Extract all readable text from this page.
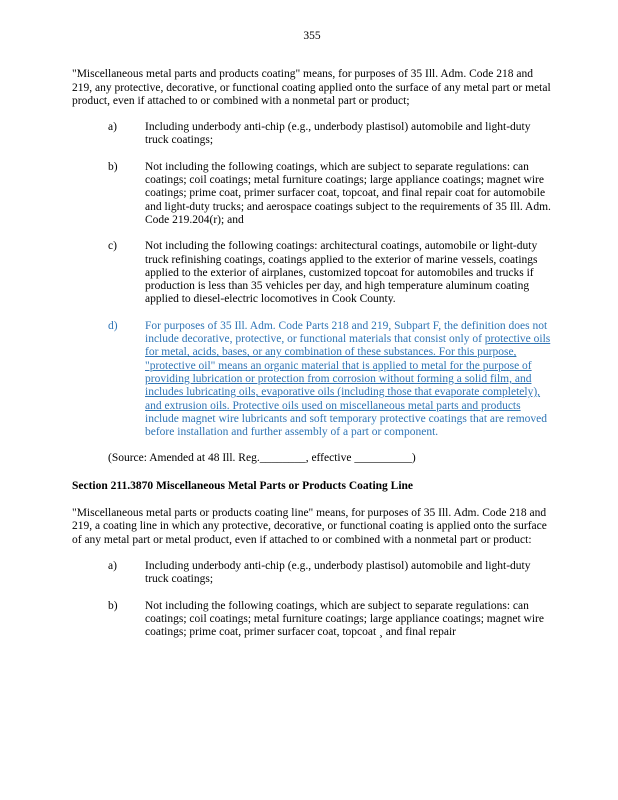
355

"Miscellaneous metal parts and products coating" means, for purposes of 35 Ill. Adm. Code 218 and 219, any protective, decorative, or functional coating applied onto the surface of any metal part or metal product, even if attached to or combined with a nonmetal part or product;

a)	Including underbody anti-chip (e.g., underbody plastisol) automobile and light-duty truck coatings;
b)	Not including the following coatings, which are subject to separate regulations: can coatings; coil coatings; metal furniture coatings; large appliance coatings; magnet wire coatings; prime coat, primer surfacer coat, topcoat, and final repair coat for automobile and light-duty trucks; and aerospace coatings subject to the requirements of 35 Ill. Adm. Code 219.204(r); and
c)	Not including the following coatings: architectural coatings, automobile or light-duty truck refinishing coatings, coatings applied to the exterior of marine vessels, coatings applied to the exterior of airplanes, customized topcoat for automobiles and trucks if production is less than 35 vehicles per day, and high temperature aluminum coating applied to diesel-electric locomotives in Cook County.
d)	For purposes of 35 Ill. Adm. Code Parts 218 and 219, Subpart F, the definition does not include decorative, protective, or functional materials that consist only of protective oils for metal, acids, bases, or any combination of these substances. For this purpose, "protective oil" means an organic material that is applied to metal for the purpose of providing lubrication or protection from corrosion without forming a solid film, and includes lubricating oils, evaporative oils (including those that evaporate completely), and extrusion oils. Protective oils used on miscellaneous metal parts and products include magnet wire lubricants and soft temporary protective coatings that are removed before installation and further assembly of a part or component.

(Source: Amended at 48 Ill. Reg.________, effective __________)

Section 211.3870 Miscellaneous Metal Parts or Products Coating Line

"Miscellaneous metal parts or products coating line" means, for purposes of 35 Ill. Adm. Code 218 and 219, a coating line in which any protective, decorative, or functional coating is applied onto the surface of any metal part or metal product, even if attached to or combined with a nonmetal part or product:

a)	Including underbody anti-chip (e.g., underbody plastisol) automobile and light-duty truck coatings;
b)	Not including the following coatings, which are subject to separate regulations: can coatings; coil coatings; metal furniture coatings; large appliance coatings; magnet wire coatings; prime coat, primer surfacer coat, topcoat ¸ and final repair
